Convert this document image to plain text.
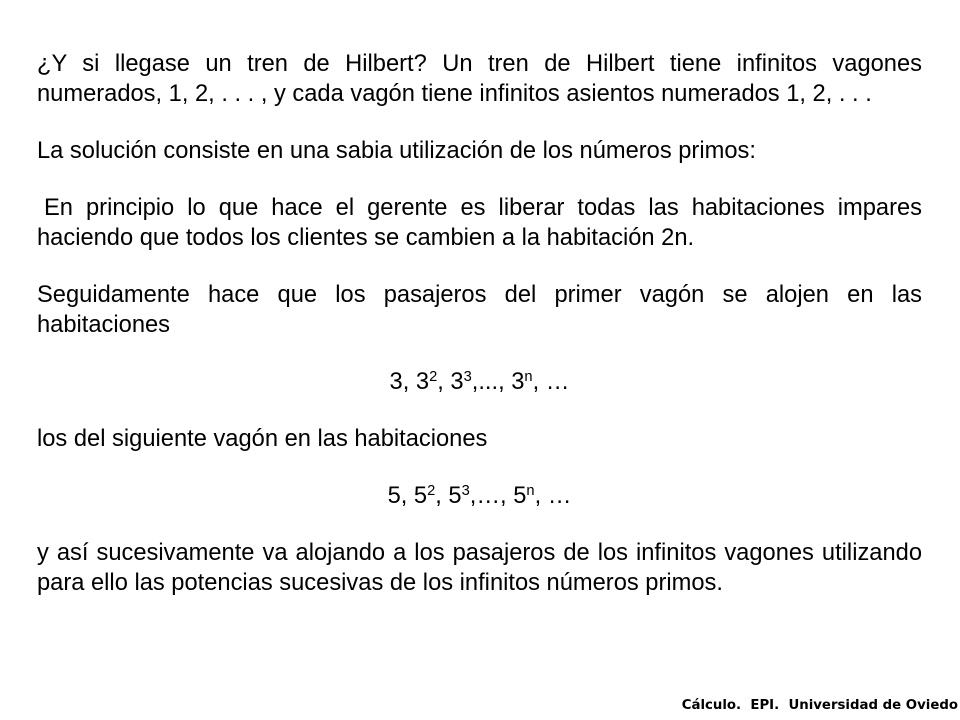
¿Y si llegase un tren de Hilbert? Un tren de Hilbert tiene infinitos vagones numerados, 1, 2, . . . , y cada vagón tiene infinitos asientos numerados 1, 2, . . .

La solución consiste en una sabia utilización de los números primos:

En principio lo que hace el gerente es liberar todas las habitaciones impares haciendo que todos los clientes se cambien a la habitación 2n.

Seguidamente hace que los pasajeros del primer vagón se alojen en las habitaciones

3, $3^2$, $3^3$,..., 3$^n$, …

los del siguiente vagón en las habitaciones

5, $5^2$, $5^3,\dots$, 5$^n$, …

y así sucesivamente va alojando a los pasajeros de los infinitos vagones utilizando para ello las potencias sucesivas de los infinitos números primos.

Cálculo.  EPI.  Universidad de Oviedo
